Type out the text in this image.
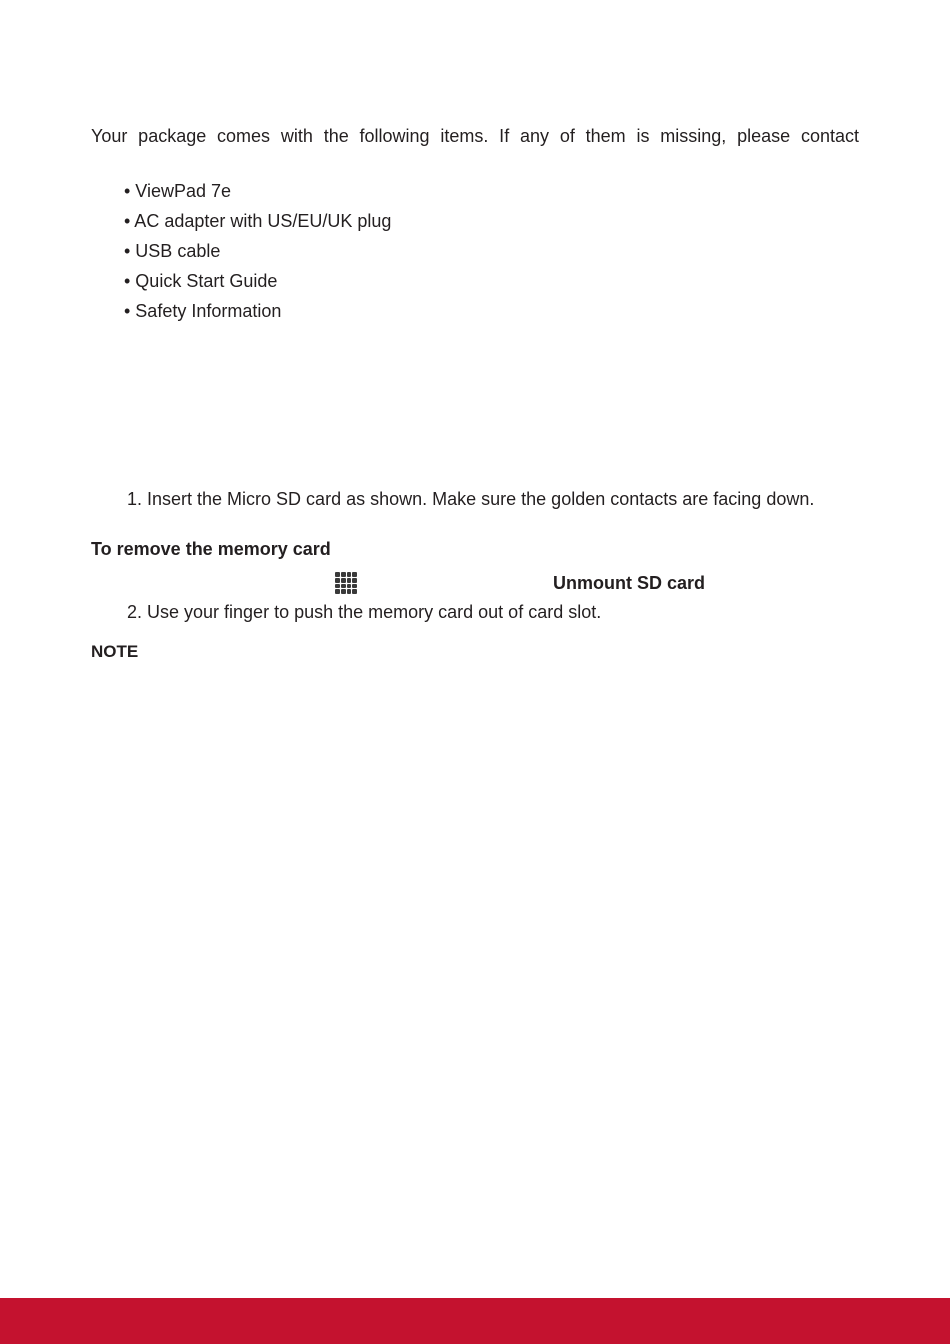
Your package comes with the following items. If any of them is missing, please contact
• ViewPad 7e
• AC adapter with US/EU/UK plug
• USB cable
• Quick Start Guide
• Safety Information
1. Insert the Micro SD card as shown. Make sure the golden contacts are facing down.
To remove the memory card
Unmount SD card
2. Use your finger to push the memory card out of card slot.
NOTE
